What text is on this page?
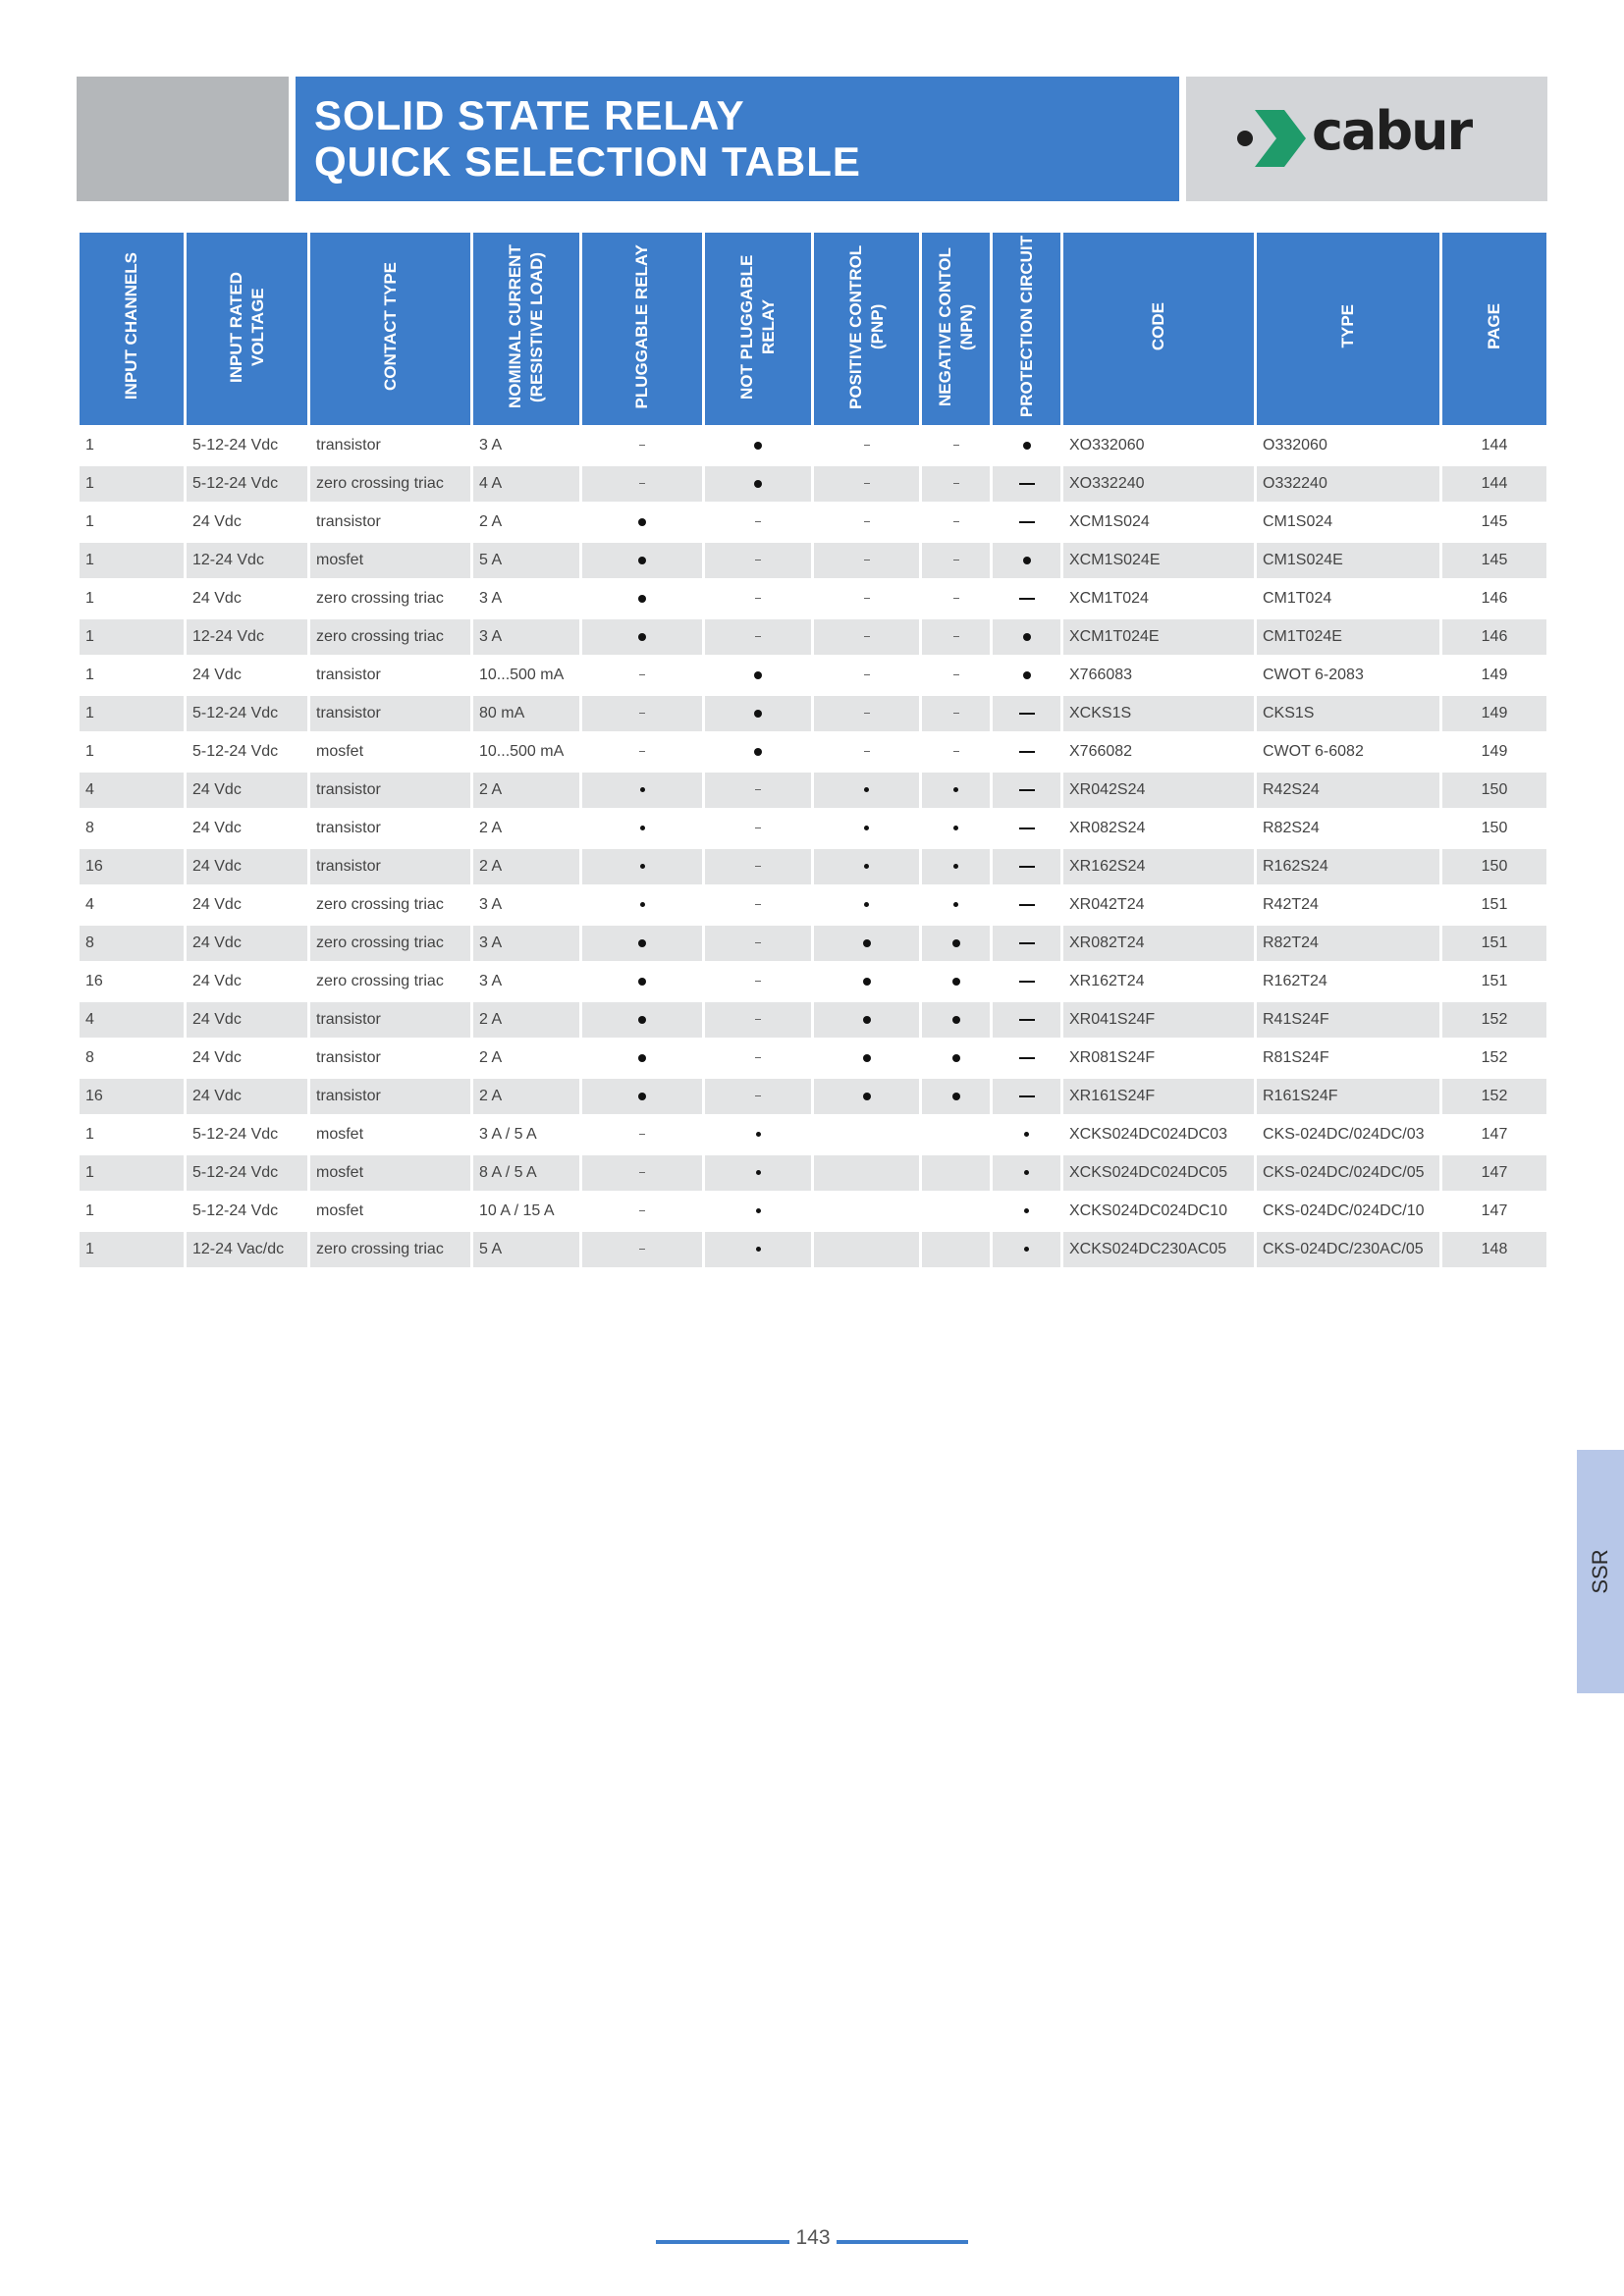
SOLID STATE RELAY
QUICK SELECTION TABLE	cabur
INPUT CHANNELS	INPUT RATED VOLTAGE	CONTACT TYPE	NOMINAL CURRENT (RESISTIVE LOAD)	PLUGGABLE RELAY	NOT PLUGGABLE RELAY	POSITIVE CONTROL (PNP)	NEGATIVE CONTOL (NPN)	PROTECTION CIRCUIT	CODE	TYPE	PAGE
1	5-12-24 Vdc	transistor	3 A						XO332060	O332060	144
1	5-12-24 Vdc	zero crossing triac	4 A						XO332240	O332240	144
1	24 Vdc	transistor	2 A						XCM1S024	CM1S024	145
1	12-24 Vdc	mosfet	5 A						XCM1S024E	CM1S024E	145
1	24 Vdc	zero crossing triac	3 A						XCM1T024	CM1T024	146
1	12-24 Vdc	zero crossing triac	3 A						XCM1T024E	CM1T024E	146
1	24 Vdc	transistor	10...500 mA						X766083	CWOT 6-2083	149
1	5-12-24 Vdc	transistor	80 mA						XCKS1S	CKS1S	149
1	5-12-24 Vdc	mosfet	10...500 mA						X766082	CWOT 6-6082	149
4	24 Vdc	transistor	2 A						XR042S24	R42S24	150
8	24 Vdc	transistor	2 A						XR082S24	R82S24	150
16	24 Vdc	transistor	2 A						XR162S24	R162S24	150
4	24 Vdc	zero crossing triac	3 A						XR042T24	R42T24	151
8	24 Vdc	zero crossing triac	3 A						XR082T24	R82T24	151
16	24 Vdc	zero crossing triac	3 A						XR162T24	R162T24	151
4	24 Vdc	transistor	2 A						XR041S24F	R41S24F	152
8	24 Vdc	transistor	2 A						XR081S24F	R81S24F	152
16	24 Vdc	transistor	2 A						XR161S24F	R161S24F	152
1	5-12-24 Vdc	mosfet	3 A / 5 A						XCKS024DC024DC03	CKS-024DC/024DC/03	147
1	5-12-24 Vdc	mosfet	8 A / 5 A						XCKS024DC024DC05	CKS-024DC/024DC/05	147
1	5-12-24 Vdc	mosfet	10 A / 15 A						XCKS024DC024DC10	CKS-024DC/024DC/10	147
1	12-24 Vac/dc	zero crossing triac	5 A						XCKS024DC230AC05	CKS-024DC/230AC/05	148
SSR
143
